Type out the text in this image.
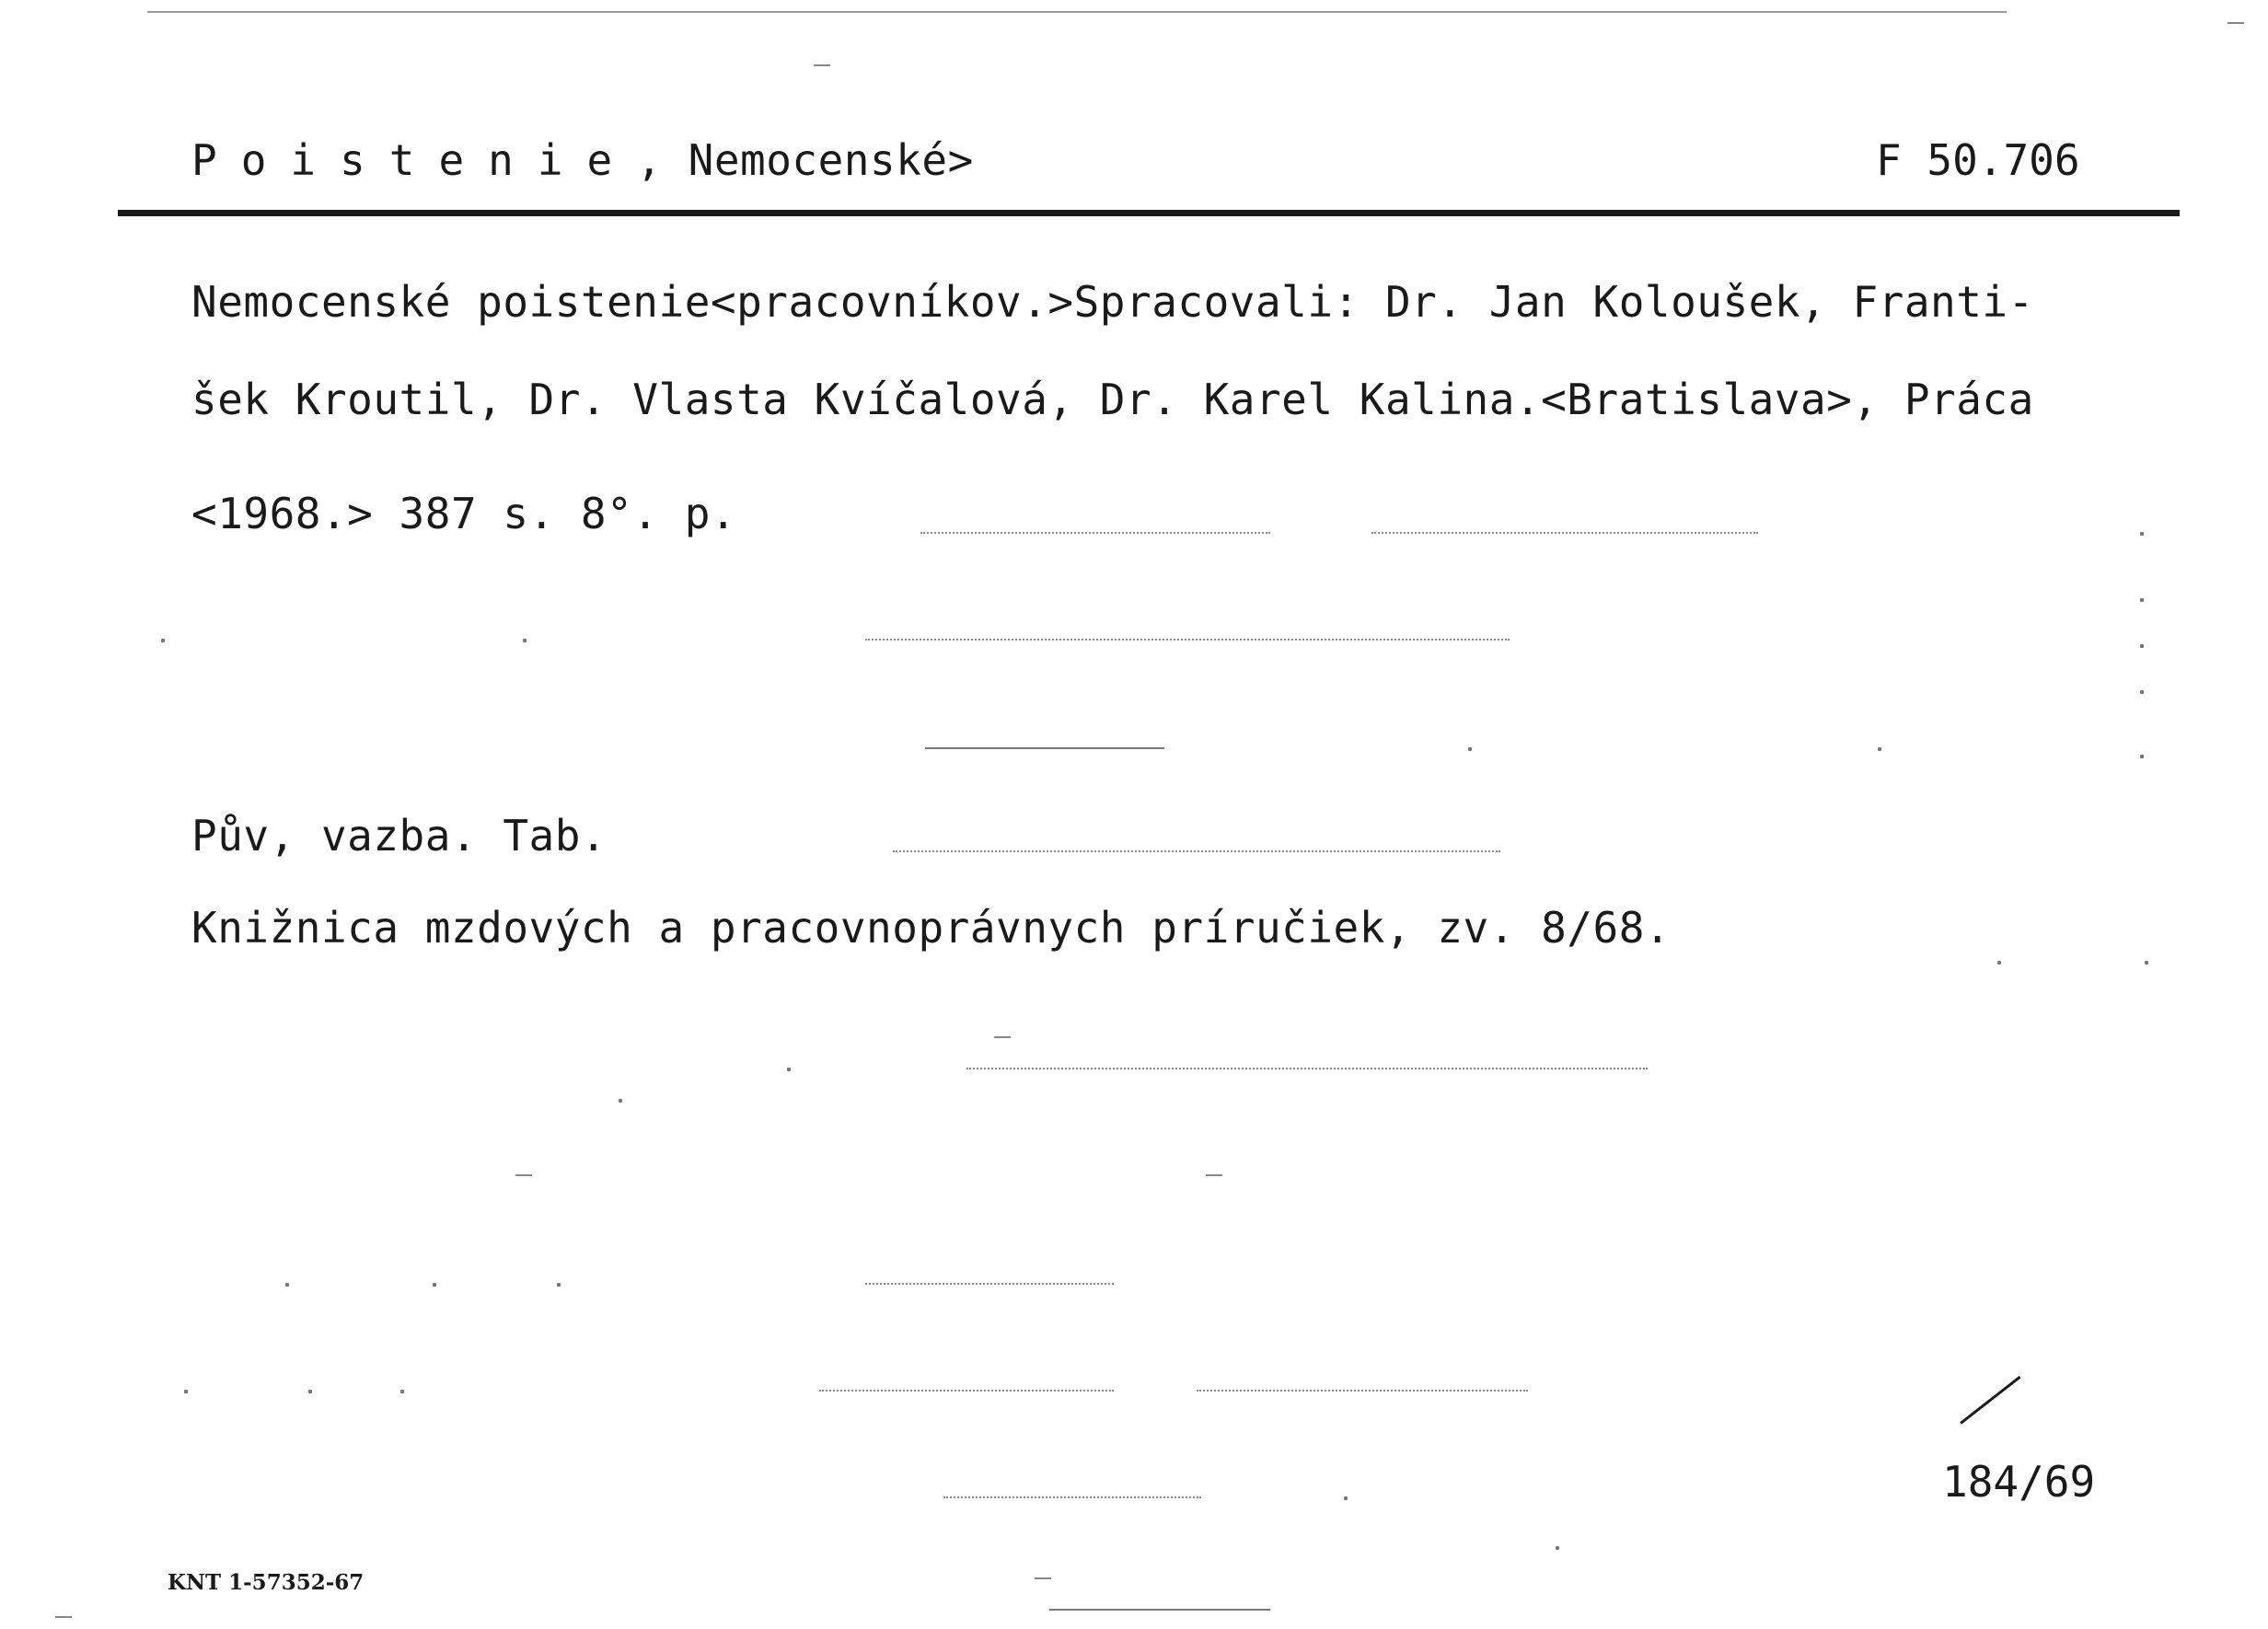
Poistenie, Nemocenské>	F 50.706
Nemocenské poistenie<pracovníkov.>Spracovali: Dr. Jan Koloušek, Franti-
šek Kroutil, Dr. Vlasta Kvíčalová, Dr. Karel Kalina.<Bratislava>, Práca
<1968.> 387 s. 8°. p.
Pův, vazba. Tab.
Knižnica mzdových a pracovnoprávnych príručiek, zv. 8/68.
184/69
KNT 1-57352-67
